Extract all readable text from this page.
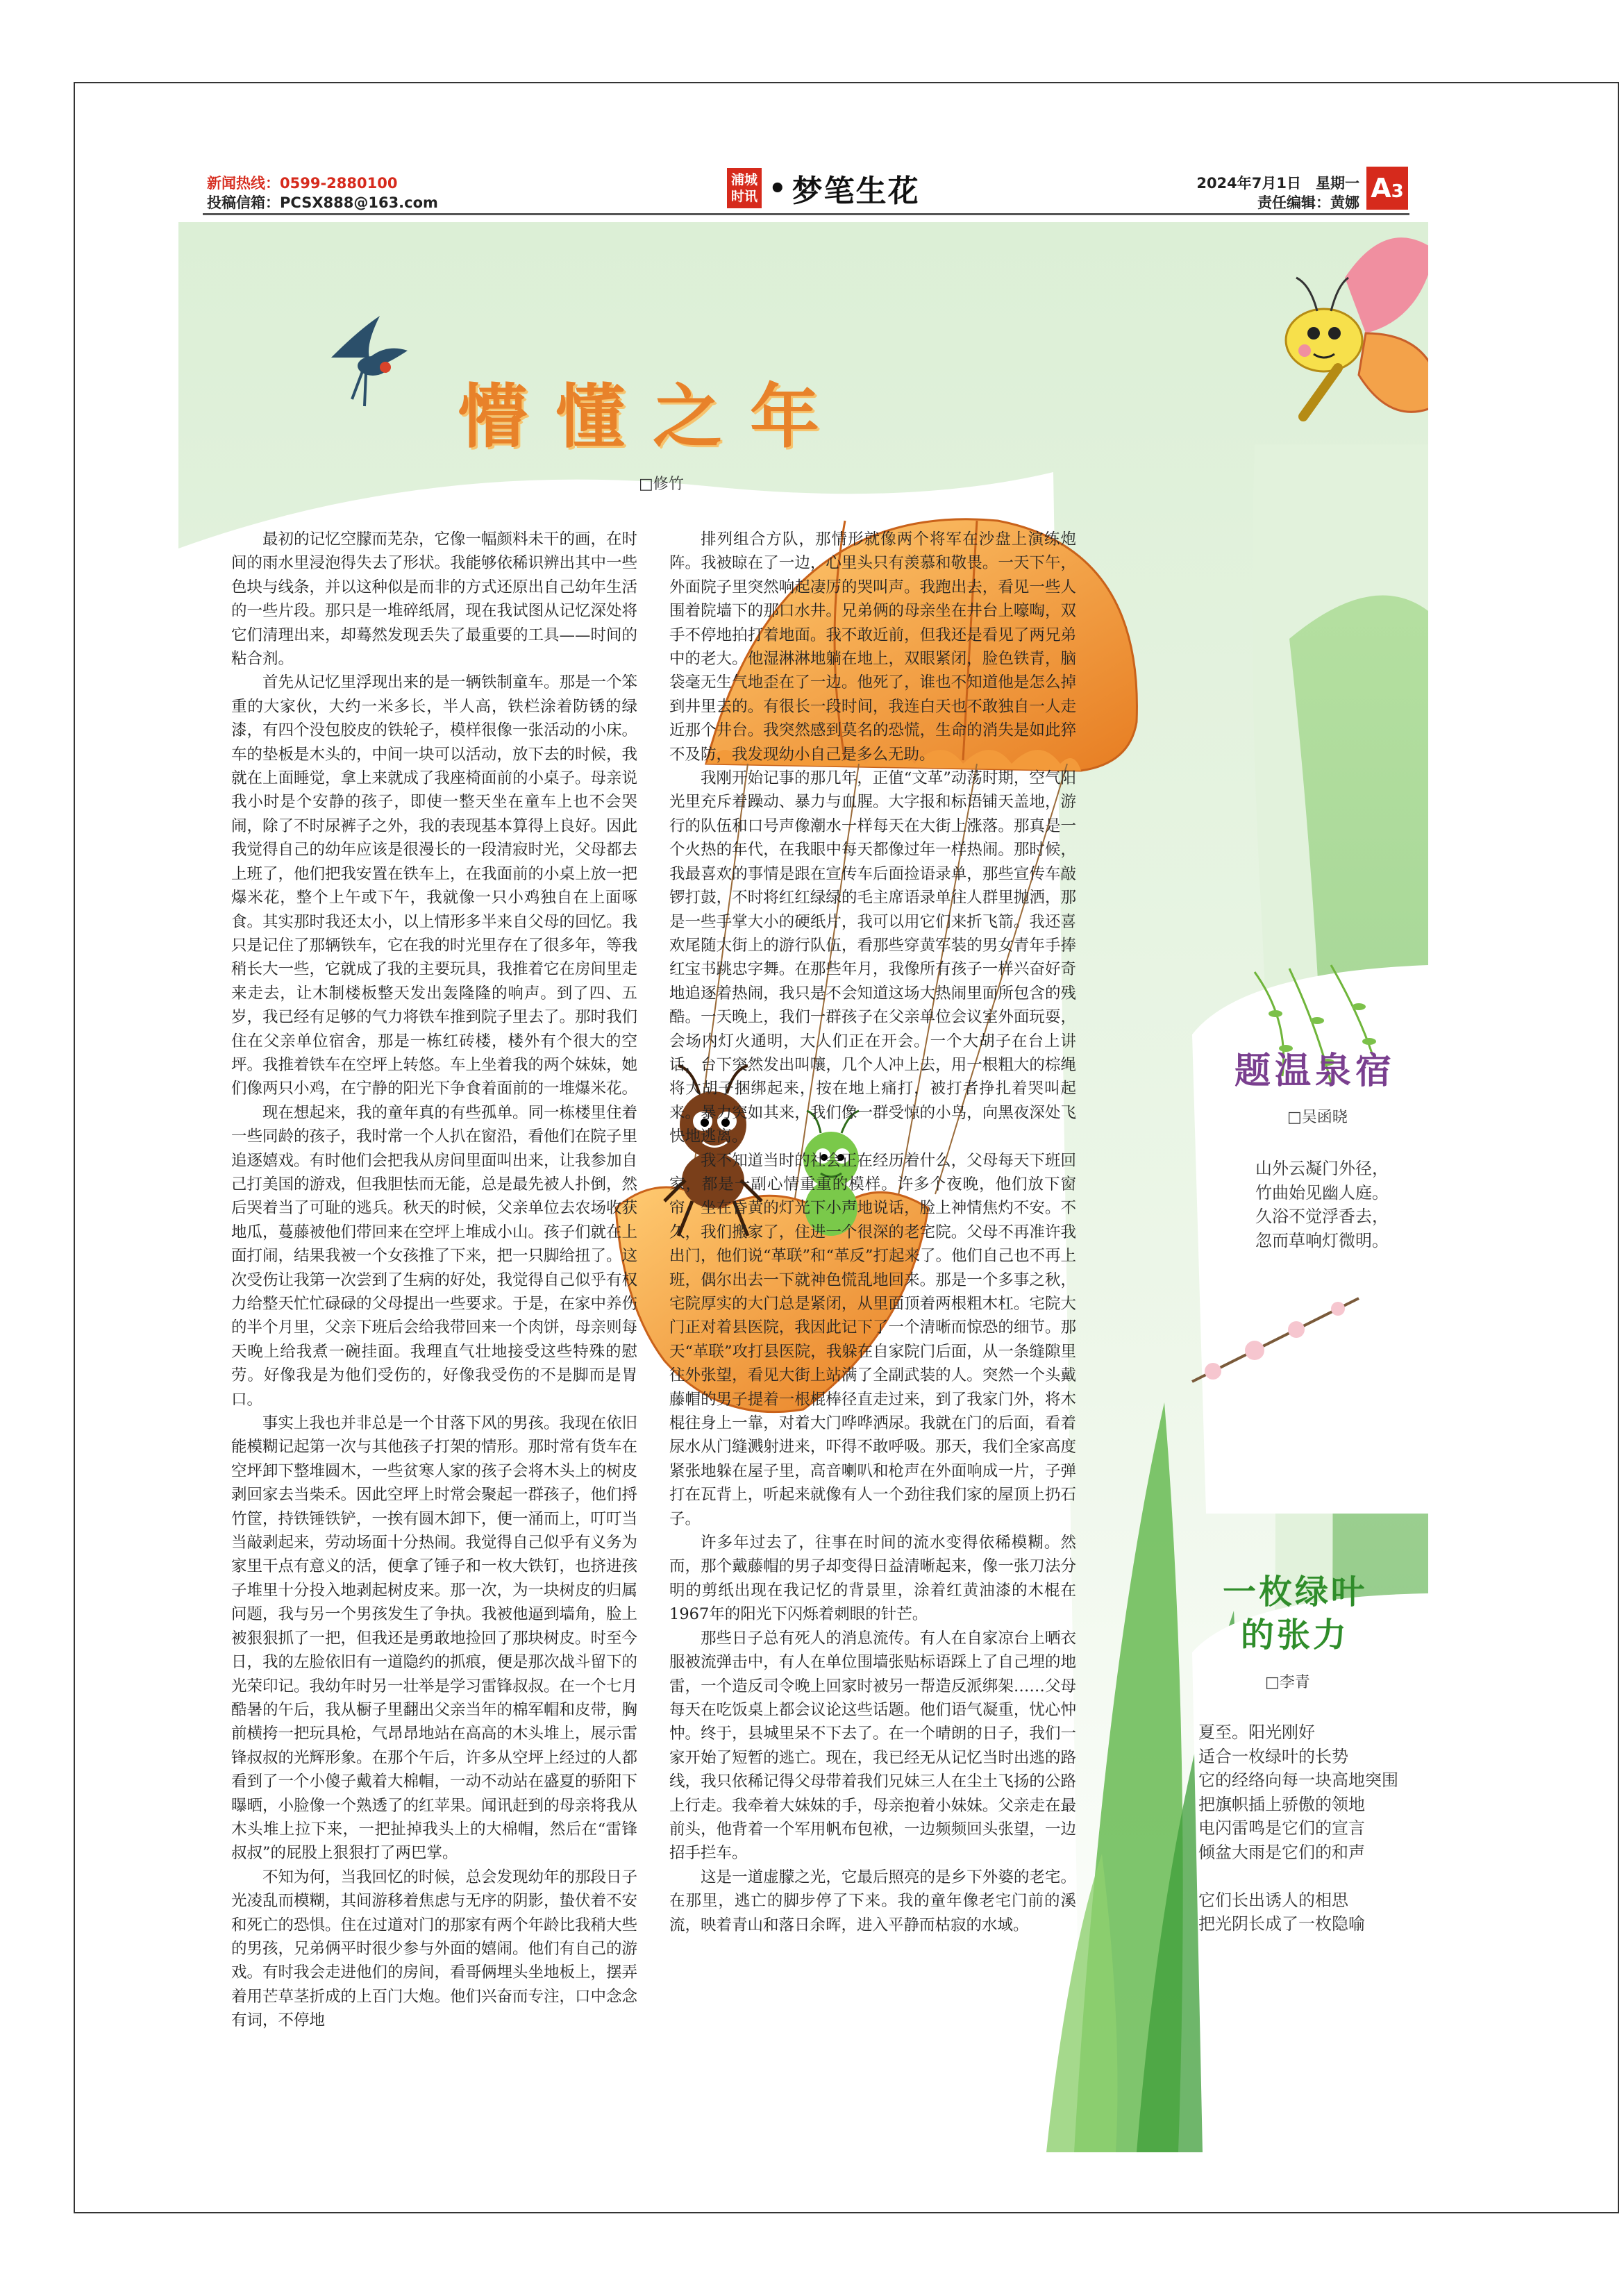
新闻热线：0599-2880100
投稿信箱：PCSX888@163.com
浦城
时讯 • 梦笔生花	2024年7月1日　星期一
责任编辑：黄娜 A 3
懵懂之年
□修竹

最初的记忆空朦而芜杂，它像一幅颜料未干的画，在时间的雨水里浸泡得失去了形状。我能够依稀识辨出其中一些色块与线条，并以这种似是而非的方式还原出自己幼年生活的一些片段。那只是一堆碎纸屑，现在我试图从记忆深处将它们清理出来，却蓦然发现丢失了最重要的工具——时间的粘合剂。

首先从记忆里浮现出来的是一辆铁制童车。那是一个笨重的大家伙，大约一米多长，半人高，铁栏涂着防锈的绿漆，有四个没包胶皮的铁轮子，模样很像一张活动的小床。车的垫板是木头的，中间一块可以活动，放下去的时候，我就在上面睡觉，拿上来就成了我座椅面前的小桌子。母亲说我小时是个安静的孩子，即使一整天坐在童车上也不会哭闹，除了不时尿裤子之外，我的表现基本算得上良好。因此我觉得自己的幼年应该是很漫长的一段清寂时光，父母都去上班了，他们把我安置在铁车上，在我面前的小桌上放一把爆米花，整个上午或下午，我就像一只小鸡独自在上面啄食。其实那时我还太小，以上情形多半来自父母的回忆。我只是记住了那辆铁车，它在我的时光里存在了很多年，等我稍长大一些，它就成了我的主要玩具，我推着它在房间里走来走去，让木制楼板整天发出轰隆隆的响声。到了四、五岁，我已经有足够的气力将铁车推到院子里去了。那时我们住在父亲单位宿舍，那是一栋红砖楼，楼外有个很大的空坪。我推着铁车在空坪上转悠。车上坐着我的两个妹妹，她们像两只小鸡，在宁静的阳光下争食着面前的一堆爆米花。

现在想起来，我的童年真的有些孤单。同一栋楼里住着一些同龄的孩子，我时常一个人扒在窗沿，看他们在院子里追逐嬉戏。有时他们会把我从房间里面叫出来，让我参加自己打美国的游戏，但我胆怯而无能，总是最先被人扑倒，然后哭着当了可耻的逃兵。秋天的时候，父亲单位去农场收获地瓜，蔓藤被他们带回来在空坪上堆成小山。孩子们就在上面打闹，结果我被一个女孩推了下来，把一只脚给扭了。这次受伤让我第一次尝到了生病的好处，我觉得自己似乎有权力给整天忙忙碌碌的父母提出一些要求。于是，在家中养伤的半个月里，父亲下班后会给我带回来一个肉饼，母亲则每天晚上给我煮一碗挂面。我理直气壮地接受这些特殊的慰劳。好像我是为他们受伤的，好像我受伤的不是脚而是胃口。

事实上我也并非总是一个甘落下风的男孩。我现在依旧能模糊记起第一次与其他孩子打架的情形。那时常有货车在空坪卸下整堆圆木，一些贫寒人家的孩子会将木头上的树皮剥回家去当柴禾。因此空坪上时常会聚起一群孩子，他们捋竹筐，持铁锤铁铲，一挨有圆木卸下，便一涌而上，叮叮当当敲剥起来，劳动场面十分热闹。我觉得自己似乎有义务为家里干点有意义的活，便拿了锤子和一枚大铁钉，也挤进孩子堆里十分投入地剥起树皮来。那一次，为一块树皮的归属问题，我与另一个男孩发生了争执。我被他逼到墙角，脸上被狠狠抓了一把，但我还是勇敢地捡回了那块树皮。时至今日，我的左脸依旧有一道隐约的抓痕，便是那次战斗留下的光荣印记。我幼年时另一壮举是学习雷锋叔叔。在一个七月酷暑的午后，我从橱子里翻出父亲当年的棉军帽和皮带，胸前横挎一把玩具枪，气昂昂地站在高高的木头堆上，展示雷锋叔叔的光辉形象。在那个午后，许多从空坪上经过的人都看到了一个小傻子戴着大棉帽，一动不动站在盛夏的骄阳下曝晒，小脸像一个熟透了的红苹果。闻讯赶到的母亲将我从木头堆上拉下来，一把扯掉我头上的大棉帽，然后在“雷锋叔叔”的屁股上狠狠打了两巴掌。

不知为何，当我回忆的时候，总会发现幼年的那段日子光凌乱而模糊，其间游移着焦虑与无序的阴影，蛰伏着不安和死亡的恐惧。住在过道对门的那家有两个年龄比我稍大些的男孩，兄弟俩平时很少参与外面的嬉闹。他们有自己的游戏。有时我会走进他们的房间，看哥俩埋头坐地板上，摆弄着用芒草茎折成的上百门大炮。他们兴奋而专注，口中念念有词，不停地

排列组合方队，那情形就像两个将军在沙盘上演练炮阵。我被晾在了一边，心里头只有羡慕和敬畏。一天下午，外面院子里突然响起凄厉的哭叫声。我跑出去，看见一些人围着院墙下的那口水井。兄弟俩的母亲坐在井台上嚎啕，双手不停地拍打着地面。我不敢近前，但我还是看见了两兄弟中的老大。他湿淋淋地躺在地上，双眼紧闭，脸色铁青，脑袋毫无生气地歪在了一边。他死了，谁也不知道他是怎么掉到井里去的。有很长一段时间，我连白天也不敢独自一人走近那个井台。我突然感到莫名的恐慌，生命的消失是如此猝不及防，我发现幼小自己是多么无助。

我刚开始记事的那几年，正值“文革”动荡时期，空气阳光里充斥着躁动、暴力与血腥。大字报和标语铺天盖地，游行的队伍和口号声像潮水一样每天在大街上涨落。那真是一个火热的年代，在我眼中每天都像过年一样热闹。那时候，我最喜欢的事情是跟在宣传车后面捡语录单，那些宣传车敲锣打鼓，不时将红红绿绿的毛主席语录单往人群里抛洒，那是一些手掌大小的硬纸片，我可以用它们来折飞箭。我还喜欢尾随大街上的游行队伍，看那些穿黄军装的男女青年手捧红宝书跳忠字舞。在那些年月，我像所有孩子一样兴奋好奇地追逐着热闹，我只是不会知道这场大热闹里面所包含的残酷。一天晚上，我们一群孩子在父亲单位会议室外面玩耍，会场内灯火通明，大人们正在开会。一个大胡子在台上讲话，台下突然发出叫嚷，几个人冲上去，用一根粗大的棕绳将大胡子捆绑起来，按在地上痛打，被打者挣扎着哭叫起来。暴力突如其来，我们像一群受惊的小鸟，向黑夜深处飞快地逃离。

我不知道当时的社会正在经历着什么，父母每天下班回家，都是一副心情重重的模样。许多个夜晚，他们放下窗帘，坐在昏黄的灯光下小声地说话，脸上神情焦灼不安。不久，我们搬家了，住进一个很深的老宅院。父母不再准许我出门，他们说“革联”和“革反”打起来了。他们自己也不再上班，偶尔出去一下就神色慌乱地回来。那是一个多事之秋，宅院厚实的大门总是紧闭，从里面顶着两根粗木杠。宅院大门正对着县医院，我因此记下了一个清晰而惊恐的细节。那天“革联”攻打县医院，我躲在自家院门后面，从一条缝隙里往外张望，看见大街上站满了全副武装的人。突然一个头戴藤帽的男子提着一根棍棒径直走过来，到了我家门外，将木棍往身上一靠，对着大门哗哗洒尿。我就在门的后面，看着尿水从门缝溅射进来，吓得不敢呼吸。那天，我们全家高度紧张地躲在屋子里，高音喇叭和枪声在外面响成一片，子弹打在瓦背上，听起来就像有人一个劲往我们家的屋顶上扔石子。

许多年过去了，往事在时间的流水变得依稀模糊。然而，那个戴藤帽的男子却变得日益清晰起来，像一张刀法分明的剪纸出现在我记忆的背景里，涂着红黄油漆的木棍在1967年的阳光下闪烁着刺眼的针芒。

那些日子总有死人的消息流传。有人在自家凉台上晒衣服被流弹击中，有人在单位围墙张贴标语踩上了自己埋的地雷，一个造反司令晚上回家时被另一帮造反派绑架……父母每天在吃饭桌上都会议论这些话题。他们语气凝重，忧心忡忡。终于，县城里呆不下去了。在一个晴朗的日子，我们一家开始了短暂的逃亡。现在，我已经无从记忆当时出逃的路线，我只依稀记得父母带着我们兄妹三人在尘土飞扬的公路上行走。我牵着大妹妹的手，母亲抱着小妹妹。父亲走在最前头，他背着一个军用帆布包袱，一边频频回头张望，一边招手拦车。

这是一道虚朦之光，它最后照亮的是乡下外婆的老宅。在那里，逃亡的脚步停了下来。我的童年像老宅门前的溪流，映着青山和落日余晖，进入平静而枯寂的水域。

题温泉宿
□吴函晓
山外云凝门外径，
竹曲始见幽人庭。
久浴不觉浮香去，
忽而草响灯微明。
一枚绿叶
的张力
□李青
夏至。阳光刚好
适合一枚绿叶的长势
它的经络向每一块高地突围
把旗帜插上骄傲的领地
电闪雷鸣是它们的宣言
倾盆大雨是它们的和声

它们长出诱人的相思
把光阴长成了一枚隐喻
